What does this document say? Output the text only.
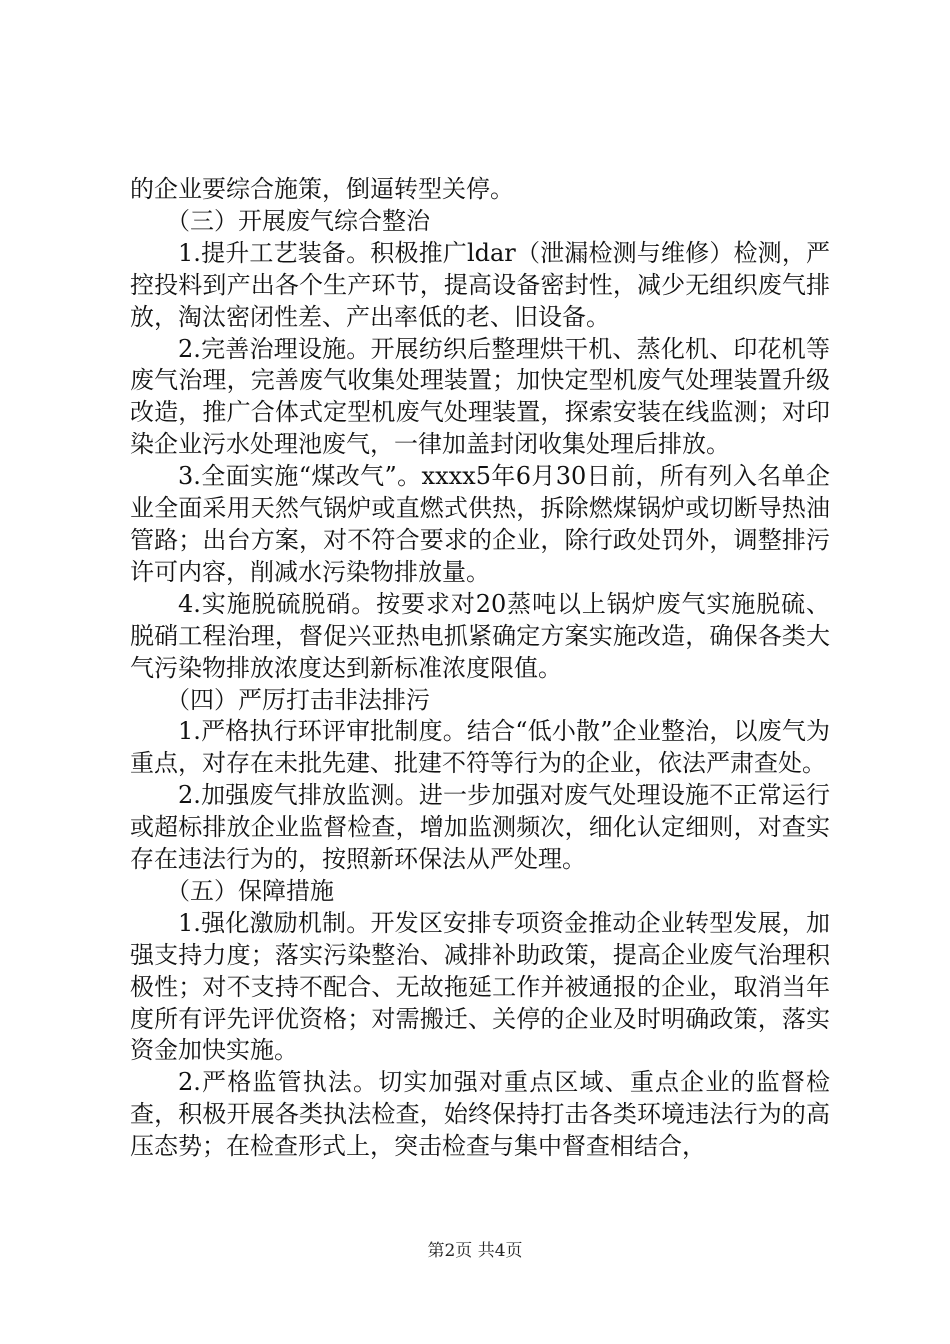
的企业要综合施策，倒逼转型关停。

（三）开展废气综合整治

1.提升工艺装备。积极推广ldar（泄漏检测与维修）检测，严控投料到产出各个生产环节，提高设备密封性，减少无组织废气排放，淘汰密闭性差、产出率低的老、旧设备。

2.完善治理设施。开展纺织后整理烘干机、蒸化机、印花机等废气治理，完善废气收集处理装置；加快定型机废气处理装置升级改造，推广合体式定型机废气处理装置，探索安装在线监测；对印染企业污水处理池废气，一律加盖封闭收集处理后排放。

3.全面实施“煤改气”。xxxx5年6月30日前，所有列入名单企业全面采用天然气锅炉或直燃式供热，拆除燃煤锅炉或切断导热油管路；出台方案，对不符合要求的企业，除行政处罚外，调整排污许可内容，削减水污染物排放量。

4.实施脱硫脱硝。按要求对20蒸吨以上锅炉废气实施脱硫、脱硝工程治理，督促兴亚热电抓紧确定方案实施改造，确保各类大气污染物排放浓度达到新标准浓度限值。

（四）严厉打击非法排污

1.严格执行环评审批制度。结合“低小散”企业整治，以废气为重点，对存在未批先建、批建不符等行为的企业，依法严肃查处。

2.加强废气排放监测。进一步加强对废气处理设施不正常运行或超标排放企业监督检查，增加监测频次，细化认定细则，对查实存在违法行为的，按照新环保法从严处理。

（五）保障措施

1.强化激励机制。开发区安排专项资金推动企业转型发展，加强支持力度；落实污染整治、减排补助政策，提高企业废气治理积极性；对不支持不配合、无故拖延工作并被通报的企业，取消当年度所有评先评优资格；对需搬迁、关停的企业及时明确政策，落实资金加快实施。

2.严格监管执法。切实加强对重点区域、重点企业的监督检查，积极开展各类执法检查，始终保持打击各类环境违法行为的高压态势；在检查形式上，突击检查与集中督查相结合，

第2页 共4页
